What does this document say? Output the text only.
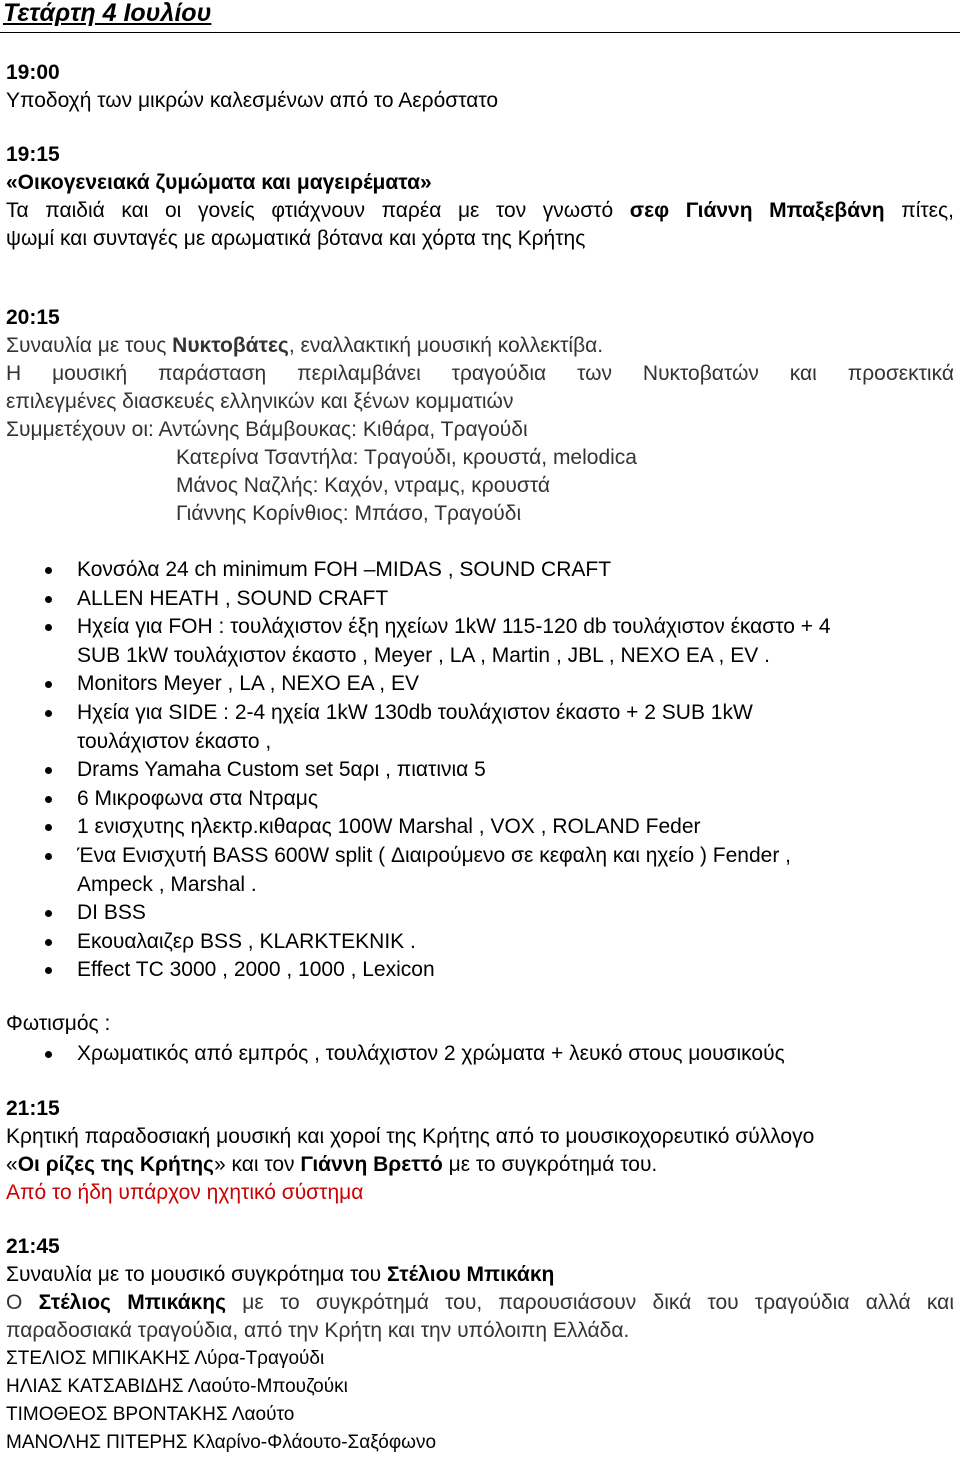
Τετάρτη 4 Ιουλίου
19:00
Υποδοχή των μικρών καλεσμένων από το Αερόστατο
19:15
«Οικογενειακά ζυμώματα και μαγειρέματα»
Τα παιδιά και οι γονείς φτιάχνουν παρέα με τον γνωστό σεφ Γιάννη Μπαξεβάνη πίτες,
ψωμί και συνταγές με αρωματικά βότανα και χόρτα της Κρήτης
20:15
Συναυλία με τους Νυκτοβάτες, εναλλακτική μουσική κολλεκτίβα.
Η μουσική παράσταση περιλαμβάνει τραγούδια των Νυκτοβατών και προσεκτικά
επιλεγμένες διασκευές ελληνικών και ξένων κομματιών
Συμμετέχουν οι: Αντώνης Βάμβουκας: Κιθάρα, Τραγούδι
Κατερίνα Τσαντήλα: Τραγούδι, κρουστά, melodica
Μάνος Ναζλής: Καχόν, ντραμς, κρουστά
Γιάννης Κορίνθιος: Μπάσο, Τραγούδι
Κονσόλα 24 ch minimum FOH –MIDAS , SOUND CRAFT
ALLEN HEATH , SOUND CRAFT
Ηχεία για FOH : τουλάχιστον έξη ηχείων 1kW 115-120 db τουλάχιστον έκαστο + 4
SUB 1kW τουλάχιστον έκαστο , Meyer , LA , Martin , JBL , NEXO EA , EV .
Monitors Meyer , LA , NEXO EA , EV
Ηχεία για SIDE : 2-4 ηχεία 1kW 130db τουλάχιστον έκαστο + 2 SUB 1kW
τουλάχιστον έκαστο ,
Drams Yamaha Custom set 5αρι , πιατινια 5
6 Μικροφωνα στα Ντραμς
1 ενισχυτης ηλεκτρ.κιθαρας 100W Marshal , VOX , ROLAND Feder
Ένα Ενισχυτή BASS 600W split ( Διαιρούμενο σε κεφαλη και ηχείο ) Fender ,
Ampeck , Marshal .
DI BSS
Εκουαλαιζερ BSS , KLARKTEKNIK .
Effect TC 3000 , 2000 , 1000 , Lexicon
Φωτισμός :
Χρωματικός από εμπρός , τουλάχιστον 2 χρώματα + λευκό στους μουσικούς
21:15
Κρητική παραδοσιακή μουσική και χοροί της Κρήτης από το μουσικοχορευτικό σύλλογο
«Οι ρίζες της Κρήτης» και τον Γιάννη Βρεττό με το συγκρότημά του.
Από το ήδη υπάρχον ηχητικό σύστημα
21:45
Συναυλία με το μουσικό συγκρότημα του Στέλιου Μπικάκη
Ο Στέλιος Μπικάκης με το συγκρότημά του, παρουσιάσουν δικά του τραγούδια αλλά και
παραδοσιακά τραγούδια, από την Κρήτη και την υπόλοιπη Ελλάδα.
ΣΤΕΛΙΟΣ ΜΠΙΚΑΚΗΣ Λύρα-Τραγούδι
ΗΛΙΑΣ ΚΑΤΣΑΒΙΔΗΣ Λαούτο-Μπουζούκι
ΤΙΜΟΘΕΟΣ ΒΡΟΝΤΑΚΗΣ Λαούτο
ΜΑΝΟΛΗΣ ΠΙΤΕΡΗΣ Κλαρίνο-Φλάουτο-Σαξόφωνο
